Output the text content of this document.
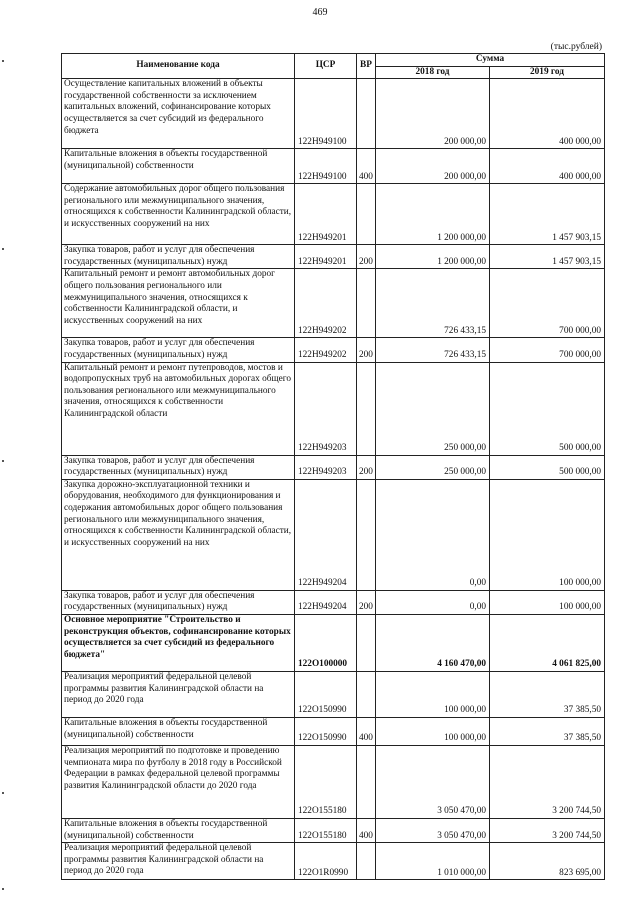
469
(тыс.рублей)
Наименование кода	ЦСР	ВР	Сумма	
			2018 год	2019 год
Осуществление капитальных вложений в объекты государственной собственности за исключением капитальных вложений, софинансирование которых осуществляется за счет субсидий из федерального бюджета	122Н949100		200 000,00	400 000,00
Капитальные вложения в объекты государственной (муниципальной) собственности	122Н949100	400	200 000,00	400 000,00
Содержание автомобильных дорог общего пользования регионального или межмуниципального значения, относящихся к собственности Калининградской области, и искусственных сооружений на них	122Н949201		1 200 000,00	1 457 903,15
Закупка товаров, работ и услуг для обеспечения государственных (муниципальных) нужд	122Н949201	200	1 200 000,00	1 457 903,15
Капитальный ремонт и ремонт автомобильных дорог общего пользования регионального или межмуниципального значения, относящихся к собственности Калининградской области, и искусственных сооружений на них	122Н949202		726 433,15	700 000,00
Закупка товаров, работ и услуг для обеспечения государственных (муниципальных) нужд	122Н949202	200	726 433,15	700 000,00
Капитальный ремонт и ремонт путепроводов, мостов и водопропускных труб на автомобильных дорогах общего пользования регионального или межмуниципального значения, относящихся к собственности Калининградской области	122Н949203		250 000,00	500 000,00
Закупка товаров, работ и услуг для обеспечения государственных (муниципальных) нужд	122Н949203	200	250 000,00	500 000,00
Закупка дорожно-эксплуатационной техники и оборудования, необходимого для функционирования и содержания автомобильных дорог общего пользования регионального или межмуниципального значения, относящихся к собственности Калининградской области, и искусственных сооружений на них	122Н949204		0,00	100 000,00
Закупка товаров, работ и услуг для обеспечения государственных (муниципальных) нужд	122Н949204	200	0,00	100 000,00
Основное мероприятие "Строительство и реконструкция объектов, софинансирование которых осуществляется за счет субсидий из федерального бюджета"	122О100000		4 160 470,00	4 061 825,00
Реализация мероприятий федеральной целевой программы развития Калининградской области на период до 2020 года	122О150990		100 000,00	37 385,50
Капитальные вложения в объекты государственной (муниципальной) собственности	122О150990	400	100 000,00	37 385,50
Реализация мероприятий по подготовке и проведению чемпионата мира по футболу в 2018 году в Российской Федерации в рамках федеральной целевой программы развития Калининградской области до 2020 года	122О155180		3 050 470,00	3 200 744,50
Капитальные вложения в объекты государственной (муниципальной) собственности	122О155180	400	3 050 470,00	3 200 744,50
Реализация мероприятий федеральной целевой программы развития Калининградской области на период до 2020 года	122О1R0990		1 010 000,00	823 695,00
